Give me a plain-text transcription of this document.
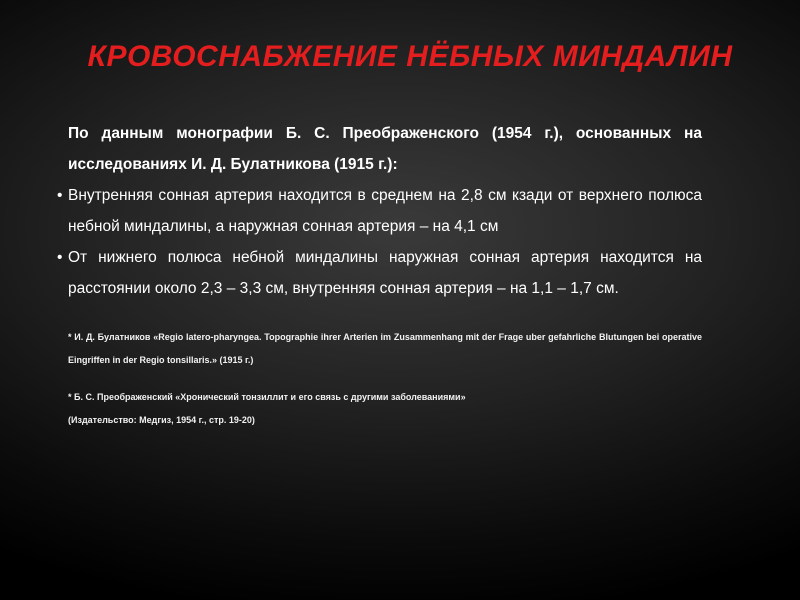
КРОВОСНАБЖЕНИЕ НЁБНЫХ МИНДАЛИН

По данным монографии Б. С. Преображенского (1954 г.), основанных на исследованиях И. Д. Булатникова (1915 г.):

• Внутренняя сонная артерия находится в среднем на 2,8 см кзади от верхнего полюса небной миндалины, а наружная сонная артерия – на 4,1 см
• От нижнего полюса небной миндалины наружная сонная артерия находится на расстоянии около 2,3 – 3,3 см, внутренняя сонная артерия – на 1,1 – 1,7 см.
* И. Д. Булатников «Regio latero-pharyngea. Topographie ihrer Arterien im Zusammenhang mit der Frage uber gefahrliche Blutungen bei operative Eingriffen in der Regio tonsillaris.» (1915 г.)

* Б. С. Преображенский «Хронический тонзиллит и его связь с другими заболеваниями»

(Издательство: Медгиз, 1954 г., стр. 19-20)
